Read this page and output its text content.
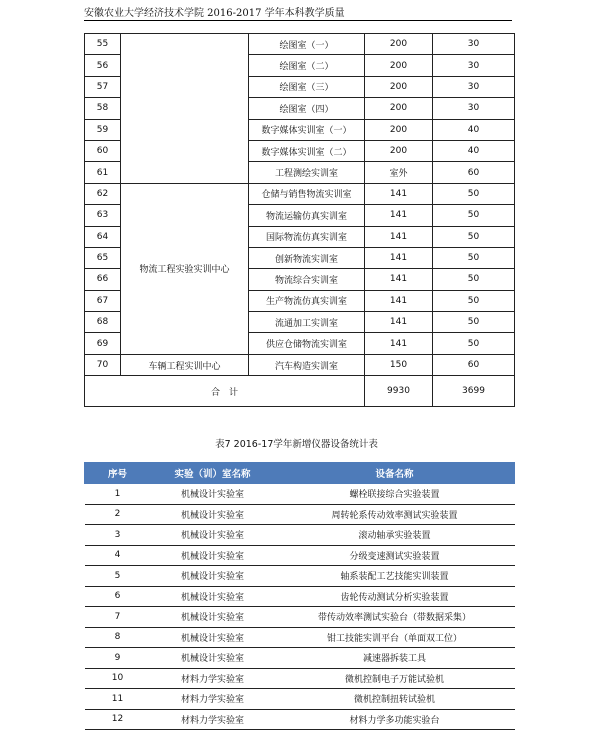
安徽农业大学经济技术学院 2016-2017 学年本科教学质量
55		绘图室（一）	200	30
56		绘图室（二）	200	30
57		绘图室（三）	200	30
58		绘图室（四）	200	30
59		数字媒体实训室（一）	200	40
60		数字媒体实训室（二）	200	40
61		工程测绘实训室	室外	60
62	物流工程实验实训中心	仓储与销售物流实训室	141	50
63		物流运输仿真实训室	141	50
64		国际物流仿真实训室	141	50
65		创新物流实训室	141	50
66		物流综合实训室	141	50
67		生产物流仿真实训室	141	50
68		流通加工实训室	141	50
69		供应仓储物流实训室	141	50
70	车辆工程实训中心	汽车构造实训室	150	60
合　计			9930	3699
表7 2016-17学年新增仪器设备统计表
序号	实验（训）室名称	设备名称
1	机械设计实验室	螺栓联接综合实验装置
2	机械设计实验室	周转轮系传动效率测试实验装置
3	机械设计实验室	滚动轴承实验装置
4	机械设计实验室	分级变速测试实验装置
5	机械设计实验室	轴系装配工艺技能实训装置
6	机械设计实验室	齿轮传动测试分析实验装置
7	机械设计实验室	带传动效率测试实验台（带数据采集）
8	机械设计实验室	钳工技能实训平台（单面双工位）
9	机械设计实验室	减速器拆装工具
10	材料力学实验室	微机控制电子万能试验机
11	材料力学实验室	微机控制扭转试验机
12	材料力学实验室	材料力学多功能实验台
